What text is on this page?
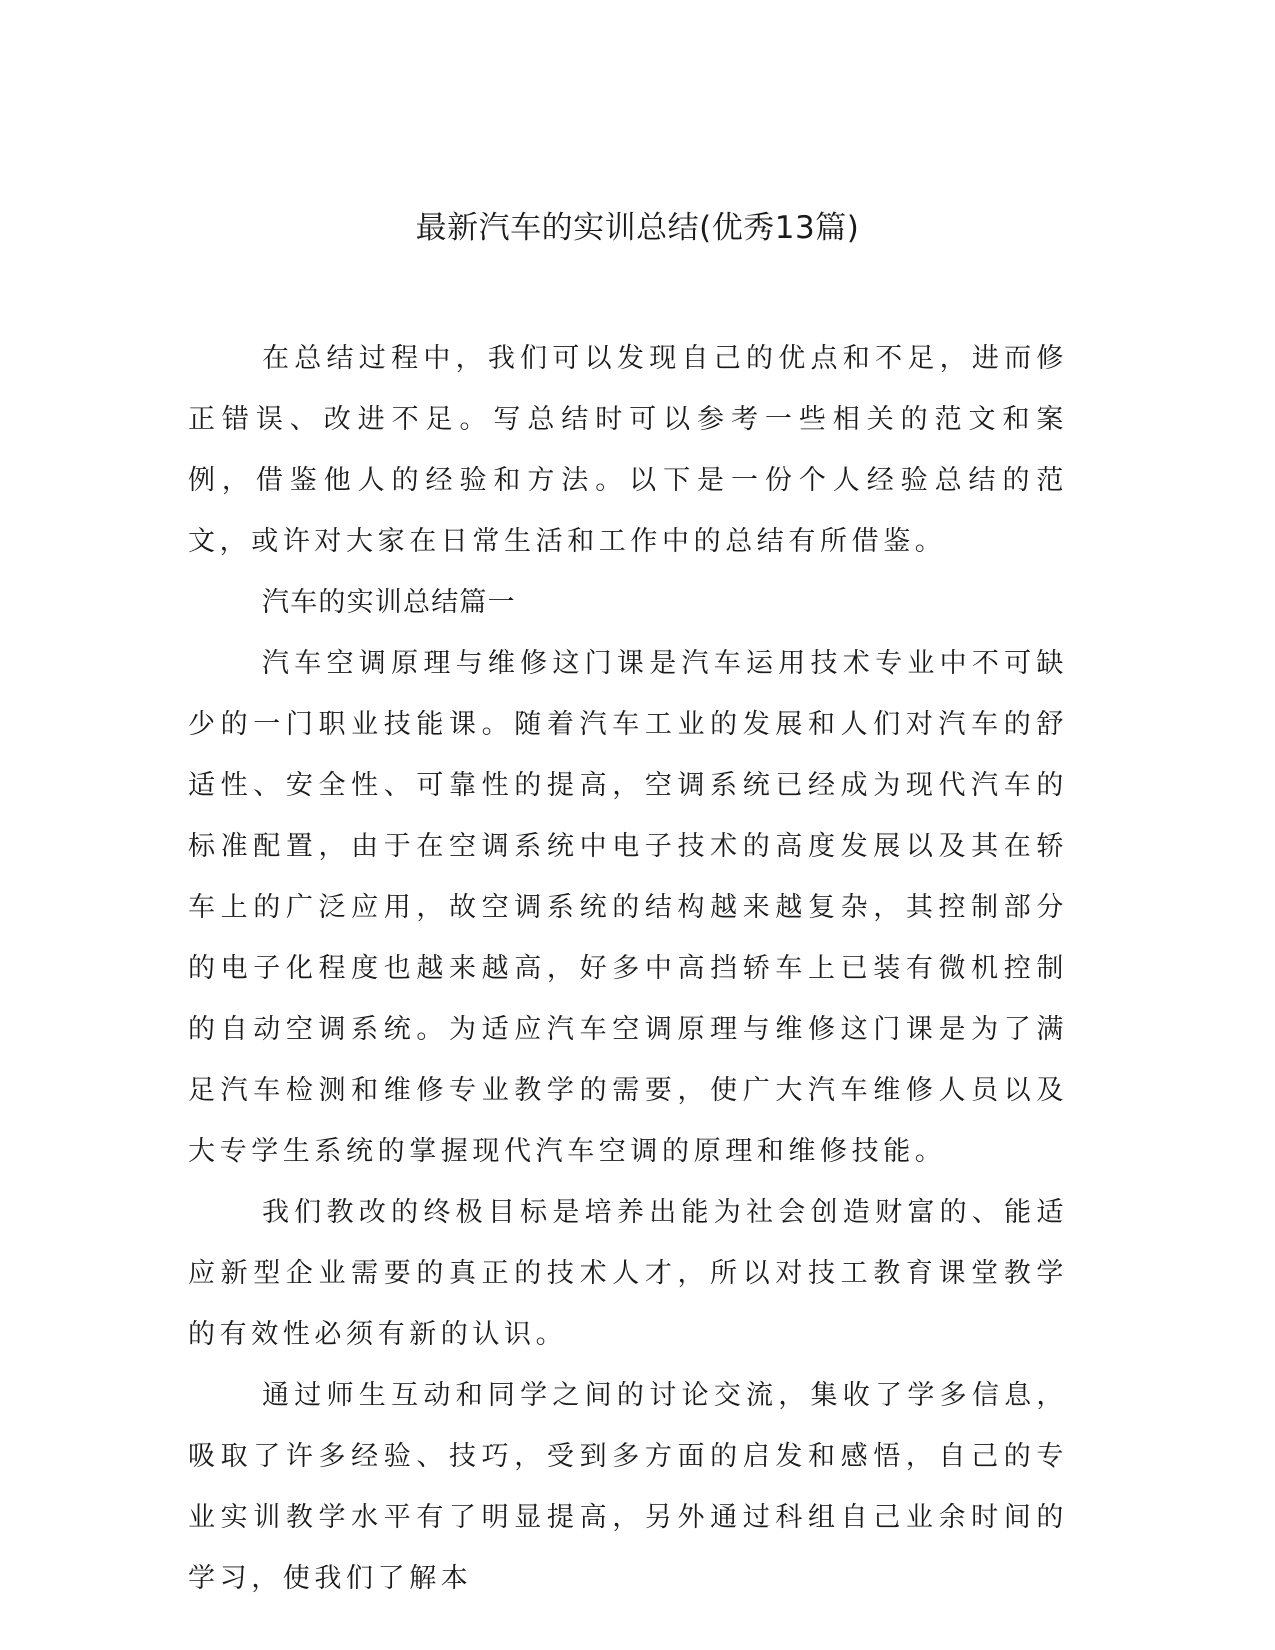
最新汽车的实训总结(优秀13篇)

在总结过程中，我们可以发现自己的优点和不足，进而修正错误、改进不足。写总结时可以参考一些相关的范文和案例，借鉴他人的经验和方法。以下是一份个人经验总结的范文，或许对大家在日常生活和工作中的总结有所借鉴。

汽车的实训总结篇一

汽车空调原理与维修这门课是汽车运用技术专业中不可缺少的一门职业技能课。随着汽车工业的发展和人们对汽车的舒适性、安全性、可靠性的提高，空调系统已经成为现代汽车的标准配置，由于在空调系统中电子技术的高度发展以及其在轿车上的广泛应用，故空调系统的结构越来越复杂，其控制部分的电子化程度也越来越高，好多中高挡轿车上已装有微机控制的自动空调系统。为适应汽车空调原理与维修这门课是为了满足汽车检测和维修专业教学的需要，使广大汽车维修人员以及大专学生系统的掌握现代汽车空调的原理和维修技能。

我们教改的终极目标是培养出能为社会创造财富的、能适应新型企业需要的真正的技术人才，所以对技工教育课堂教学的有效性必须有新的认识。

通过师生互动和同学之间的讨论交流，集收了学多信息，吸取了许多经验、技巧，受到多方面的启发和感悟，自己的专业实训教学水平有了明显提高，另外通过科组自己业余时间的学习，使我们了解本
